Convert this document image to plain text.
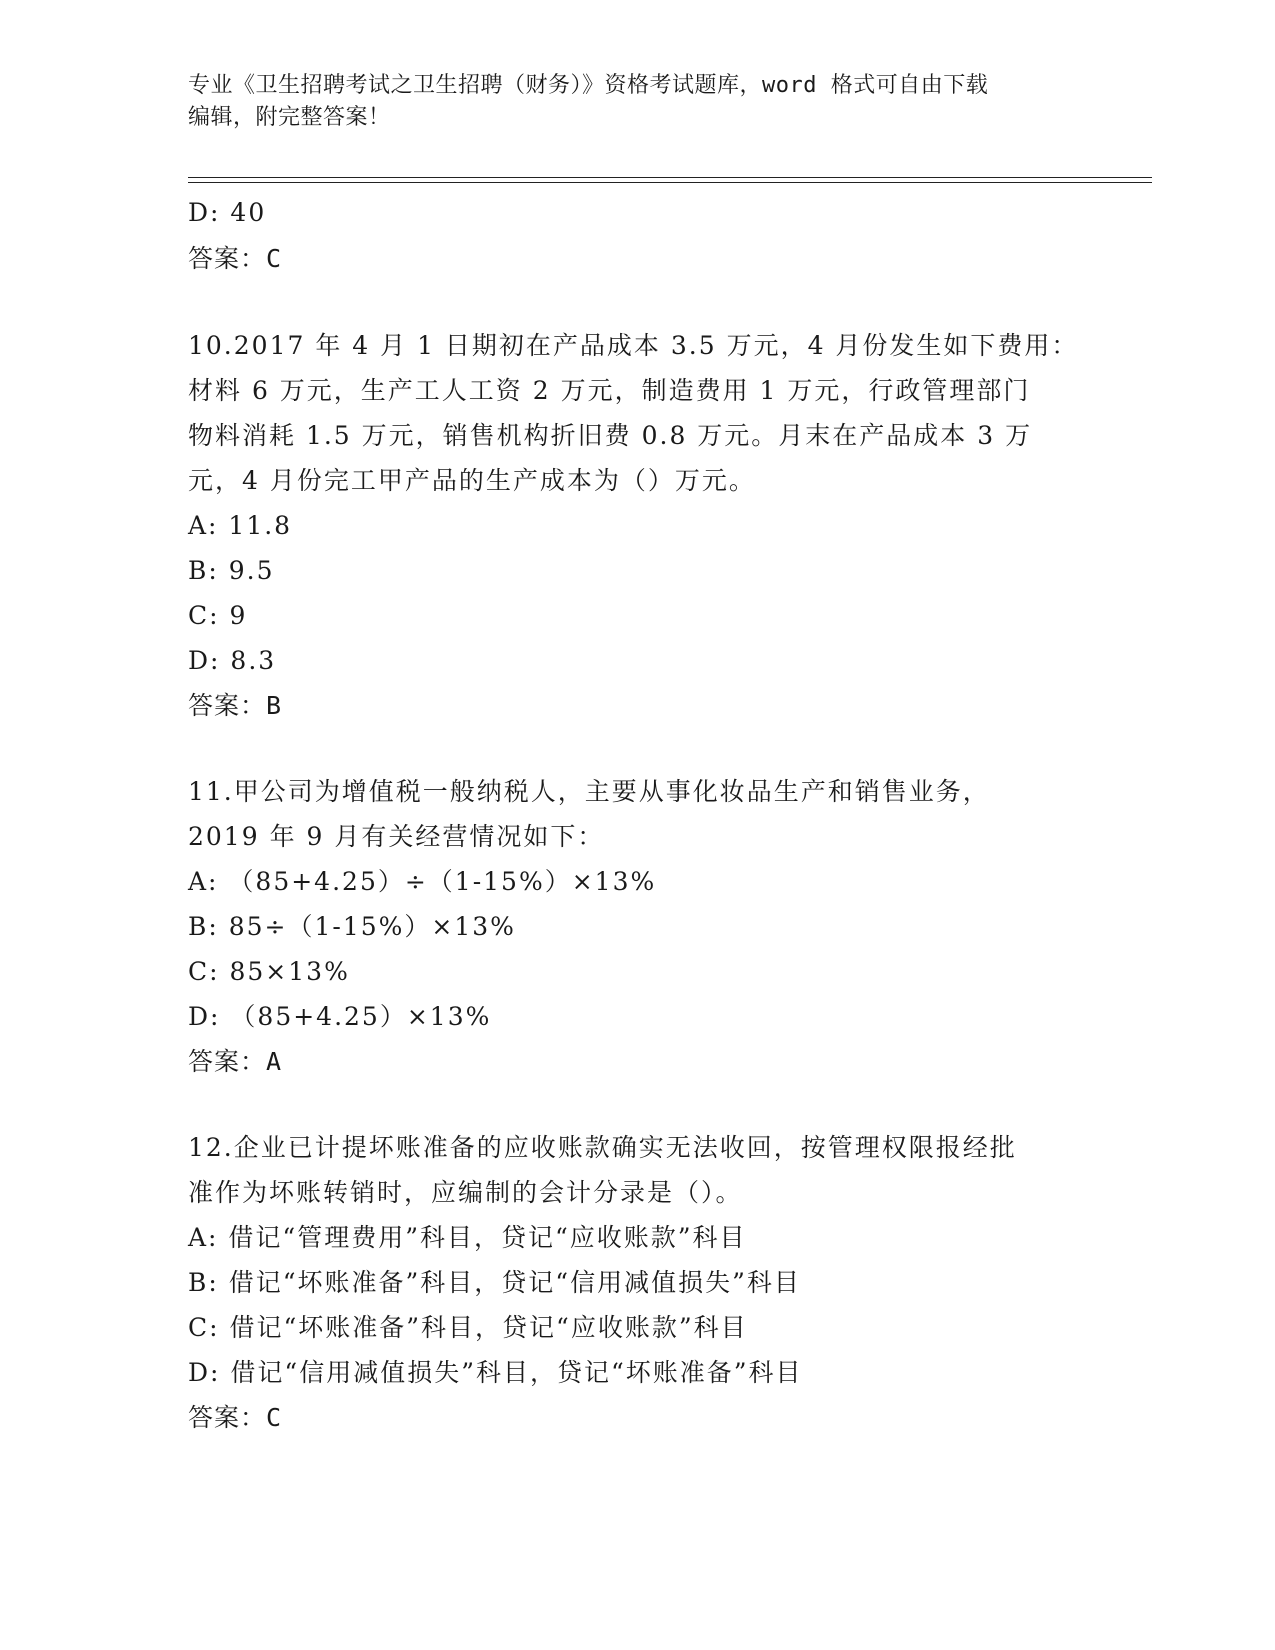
专业《卫生招聘考试之卫生招聘（财务）》资格考试题库，word 格式可自由下载
编辑，附完整答案！
D: 40
答案：C
10.2017 年 4 月 1 日期初在产品成本 3.5 万元，4 月份发生如下费用：
材料 6 万元，生产工人工资 2 万元，制造费用 1 万元，行政管理部门
物料消耗 1.5 万元，销售机构折旧费 0.8 万元。月末在产品成本 3 万
元，4 月份完工甲产品的生产成本为（）万元。
A: 11.8
B: 9.5
C: 9
D: 8.3
答案：B
11.甲公司为增值税一般纳税人，主要从事化妆品生产和销售业务，
2019 年 9 月有关经营情况如下：
A: （85+4.25）÷（1-15%）×13%
B: 85÷（1-15%）×13%
C: 85×13%
D: （85+4.25）×13%
答案：A
12.企业已计提坏账准备的应收账款确实无法收回，按管理权限报经批
准作为坏账转销时，应编制的会计分录是（）。
A: 借记“管理费用”科目，贷记“应收账款”科目
B: 借记“坏账准备”科目，贷记“信用减值损失”科目
C: 借记“坏账准备”科目，贷记“应收账款”科目
D: 借记“信用减值损失”科目，贷记“坏账准备”科目
答案：C
